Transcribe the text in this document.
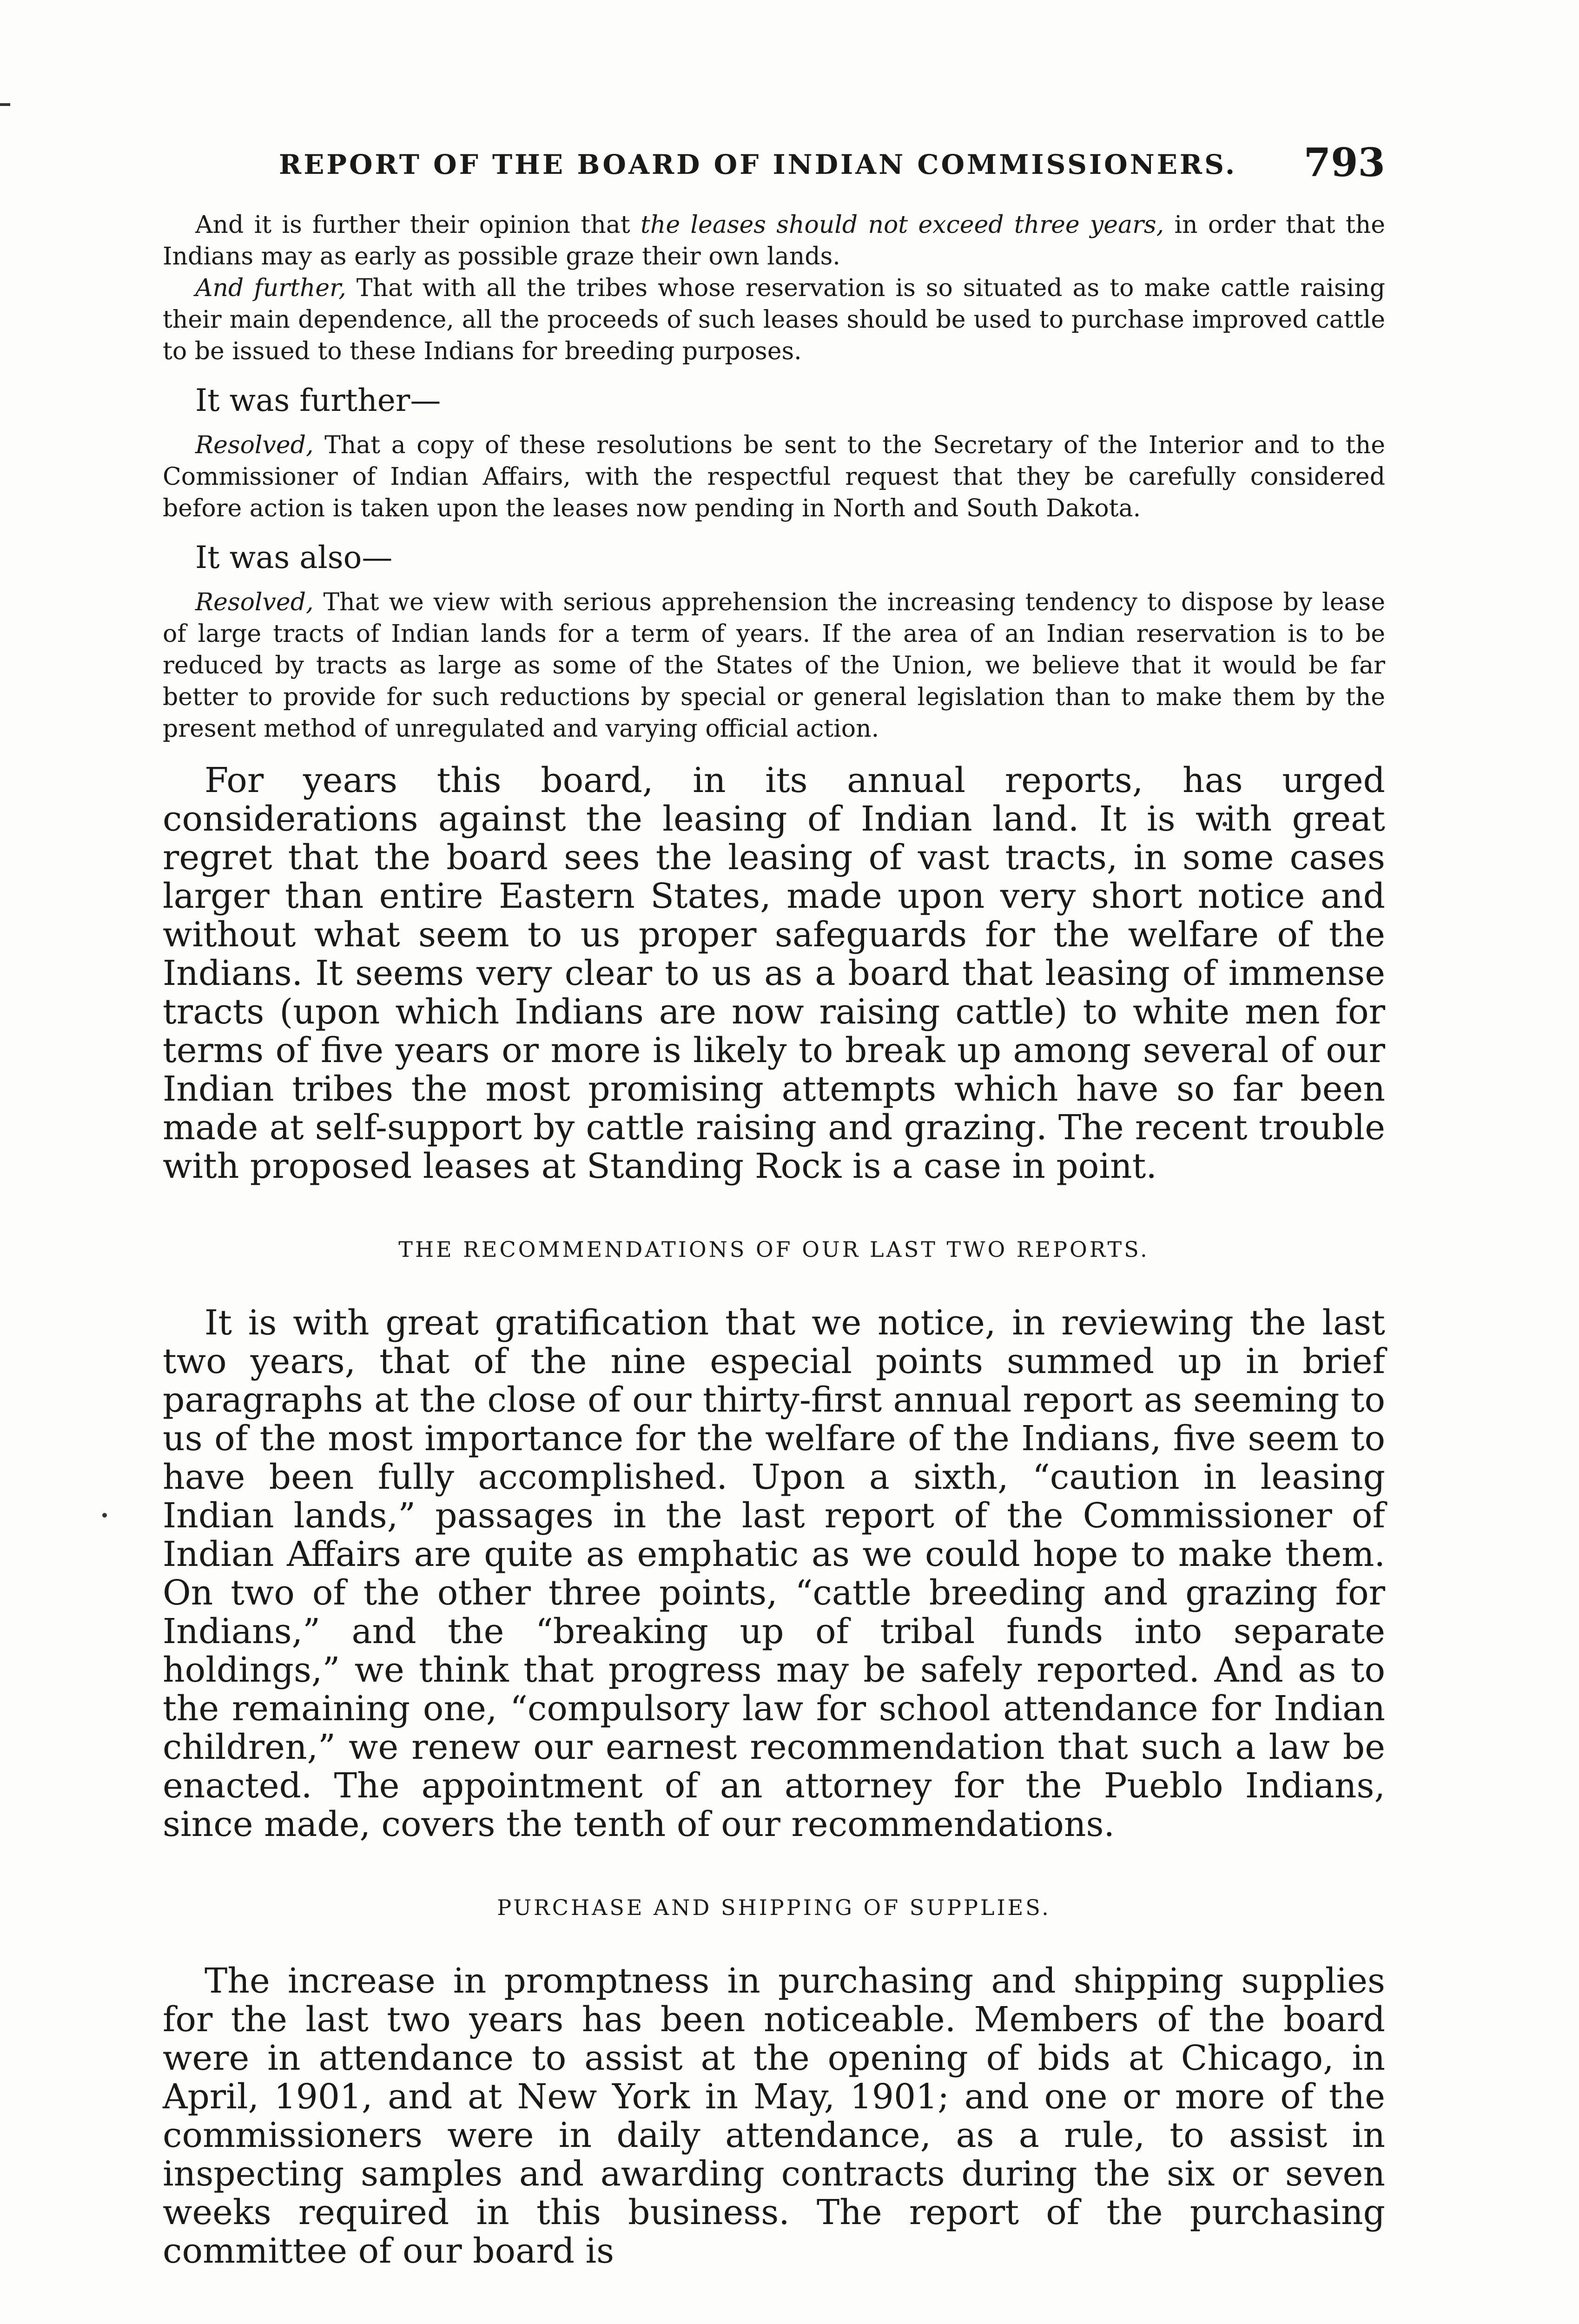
REPORT OF THE BOARD OF INDIAN COMMISSIONERS. 793

And it is further their opinion that the leases should not exceed three years, in order that the Indians may as early as possible graze their own lands.

And further, That with all the tribes whose reservation is so situated as to make cattle raising their main dependence, all the proceeds of such leases should be used to purchase improved cattle to be issued to these Indians for breeding purposes.

It was further—

Resolved, That a copy of these resolutions be sent to the Secretary of the Interior and to the Commissioner of Indian Affairs, with the respectful request that they be carefully considered before action is taken upon the leases now pending in North and South Dakota.

It was also—

Resolved, That we view with serious apprehension the increasing tendency to dispose by lease of large tracts of Indian lands for a term of years. If the area of an Indian reservation is to be reduced by tracts as large as some of the States of the Union, we believe that it would be far better to provide for such reductions by special or general legislation than to make them by the present method of unregulated and varying official action.

For years this board, in its annual reports, has urged considerations against the leasing of Indian land. It is with great regret that the board sees the leasing of vast tracts, in some cases larger than entire Eastern States, made upon very short notice and without what seem to us proper safeguards for the welfare of the Indians. It seems very clear to us as a board that leasing of immense tracts (upon which Indians are now raising cattle) to white men for terms of five years or more is likely to break up among several of our Indian tribes the most promising attempts which have so far been made at self-support by cattle raising and grazing. The recent trouble with proposed leases at Standing Rock is a case in point.

THE RECOMMENDATIONS OF OUR LAST TWO REPORTS.

It is with great gratification that we notice, in reviewing the last two years, that of the nine especial points summed up in brief paragraphs at the close of our thirty-first annual report as seeming to us of the most importance for the welfare of the Indians, five seem to have been fully accomplished. Upon a sixth, “caution in leasing Indian lands,” passages in the last report of the Commissioner of Indian Affairs are quite as emphatic as we could hope to make them. On two of the other three points, “cattle breeding and grazing for Indians,” and the “breaking up of tribal funds into separate holdings,” we think that progress may be safely reported. And as to the remaining one, “compulsory law for school attendance for Indian children,” we renew our earnest recommendation that such a law be enacted. The appointment of an attorney for the Pueblo Indians, since made, covers the tenth of our recommendations.

PURCHASE AND SHIPPING OF SUPPLIES.

The increase in promptness in purchasing and shipping supplies for the last two years has been noticeable. Members of the board were in attendance to assist at the opening of bids at Chicago, in April, 1901, and at New York in May, 1901; and one or more of the commissioners were in daily attendance, as a rule, to assist in inspecting samples and awarding contracts during the six or seven weeks required in this business. The report of the purchasing committee of our board is
